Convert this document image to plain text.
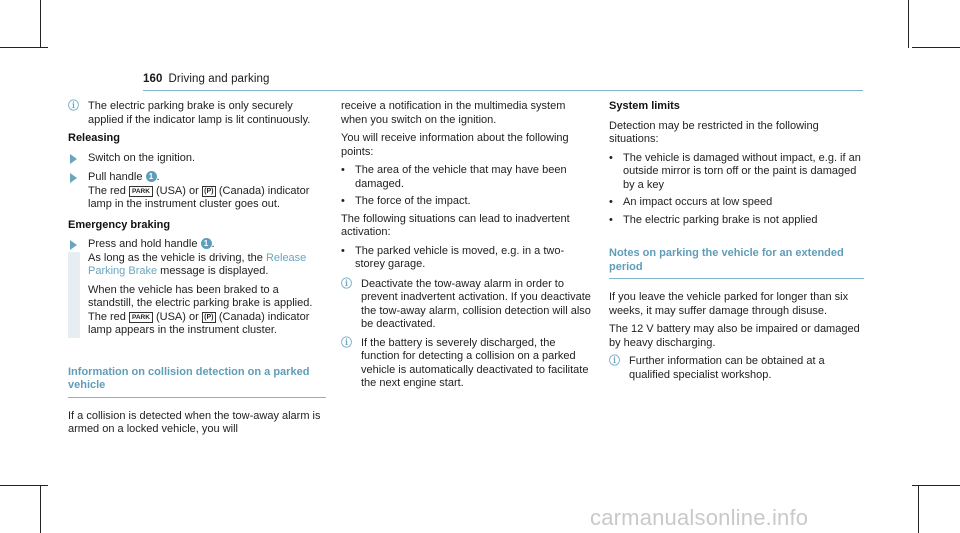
160 Driving and parking
ⓘ The electric parking brake is only securely applied if the indicator lamp is lit continuously.

Releasing

Switch on the ignition.
Pull handle 1 .
The red PARK (USA) or (P) (Canada) indicator lamp in the instrument cluster goes out.

Emergency braking

Press and hold handle 1 .
As long as the vehicle is driving, the Release Parking Brake message is displayed.

When the vehicle has been braked to a standstill, the electric parking brake is applied. The red PARK (USA) or (P) (Canada) indicator lamp appears in the instrument cluster.

Information on collision detection on a parked vehicle

If a collision is detected when the tow-away alarm is armed on a locked vehicle, you will

receive a notification in the multimedia system when you switch on the ignition.

You will receive information about the following points:

• The area of the vehicle that may have been damaged.
• The force of the impact.

The following situations can lead to inadvertent activation:

• The parked vehicle is moved, e.g. in a two-storey garage.
ⓘ Deactivate the tow-away alarm in order to prevent inadvertent activation. If you deactivate the tow-away alarm, collision detection will also be deactivated.
ⓘ If the battery is severely discharged, the function for detecting a collision on a parked vehicle is automatically deactivated to facilitate the next engine start.

System limits

Detection may be restricted in the following situations:

• The vehicle is damaged without impact, e.g. if an outside mirror is torn off or the paint is damaged by a key
• An impact occurs at low speed
• The electric parking brake is not applied

Notes on parking the vehicle for an extended period

If you leave the vehicle parked for longer than six weeks, it may suffer damage through disuse.

The 12 V battery may also be impaired or damaged by heavy discharging.

ⓘ Further information can be obtained at a qualified specialist workshop.
carmanualsonline.info
